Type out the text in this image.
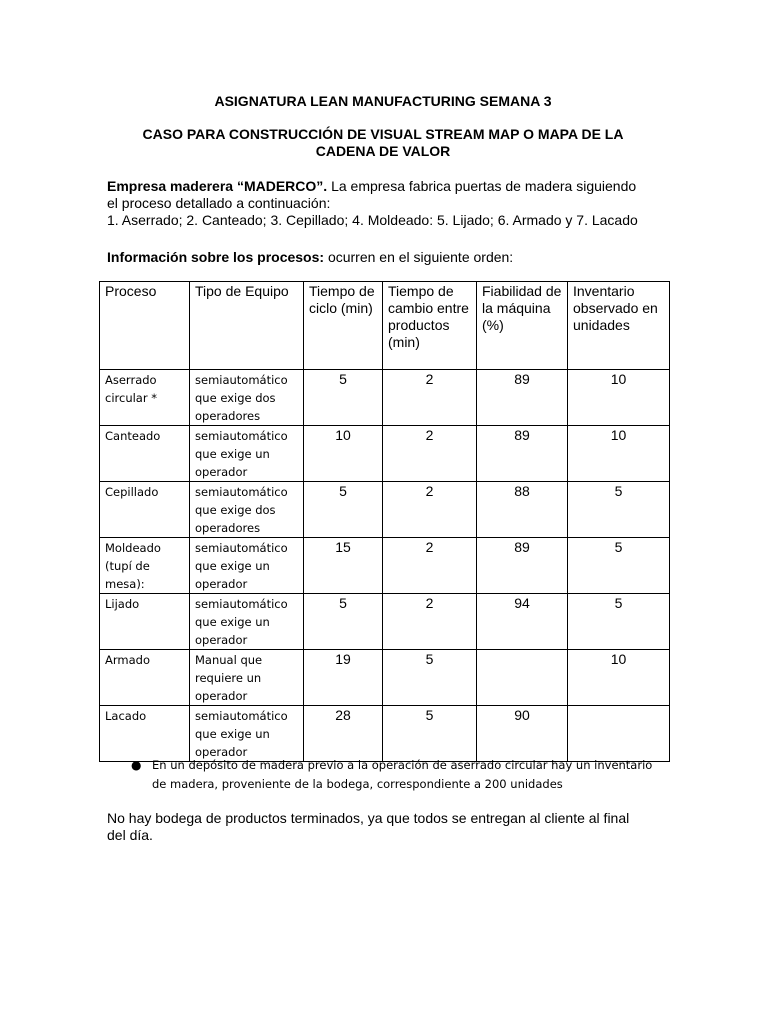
ASIGNATURA LEAN MANUFACTURING SEMANA 3
CASO PARA CONSTRUCCIÓN DE VISUAL STREAM MAP O MAPA DE LA
CADENA DE VALOR
Empresa maderera “MADERCO”. La empresa fabrica puertas de madera siguiendo
el proceso detallado a continuación:
1. Aserrado; 2. Canteado; 3. Cepillado; 4. Moldeado: 5. Lijado; 6. Armado y 7. Lacado
Información sobre los procesos: ocurren en el siguiente orden:
Proceso	Tipo de Equipo	Tiempo de ciclo (min)	Tiempo de cambio entre productos (min)	Fiabilidad de la máquina (%)	Inventario observado en unidades
Aserrado circular *	semiautomático que exige dos operadores	5	2	89	10
Canteado	semiautomático que exige un operador	10	2	89	10
Cepillado	semiautomático que exige dos operadores	5	2	88	5
Moldeado (tupí de mesa):	semiautomático que exige un operador	15	2	89	5
Lijado	semiautomático que exige un operador	5	2	94	5
Armado	Manual que requiere un operador	19	5		10
Lacado	semiautomático que exige un operador	28	5	90	
● En un depósito de madera previo a la operación de aserrado circular hay un inventario
de madera, proveniente de la bodega, correspondiente a 200 unidades
No hay bodega de productos terminados, ya que todos se entregan al cliente al final
del día.
